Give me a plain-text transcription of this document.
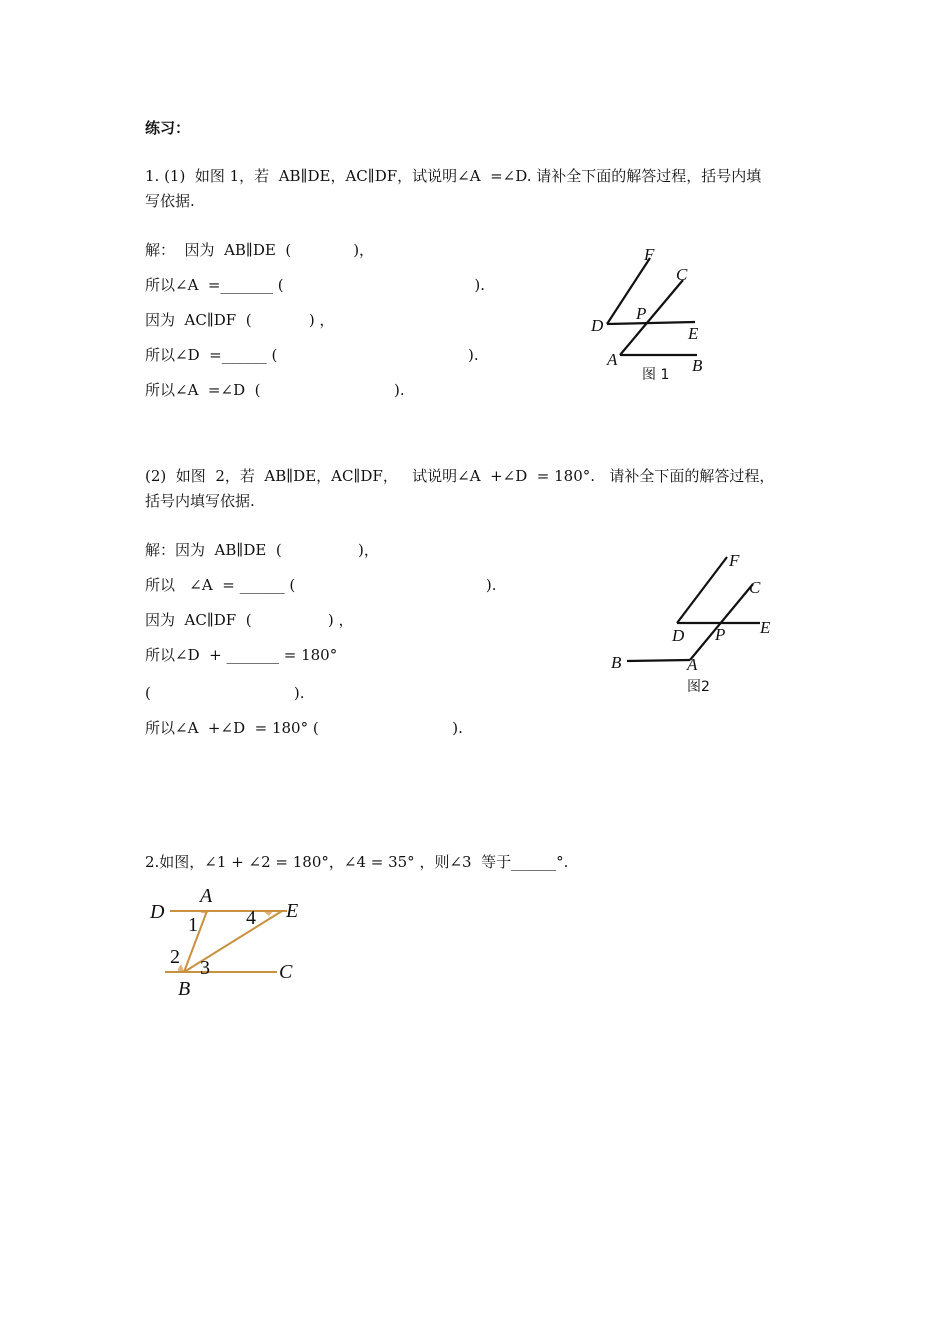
练习：
1. (1)  如图 1，若  AB∥DE，AC∥DF，试说明∠A  =∠D. 请补全下面的解答过程，括号内填
写依据.
解：  因为  AB∥DE  (             )，
所以∠A  =_______ (                                        ).
因为  AC∥DF  (            ) ，
所以∠D  =______ (                                        ).
所以∠A  =∠D  (                            ).
F
C
P
D	E
A	B
图 1
(2)  如图  2，若  AB∥DE，AC∥DF，   试说明∠A  +∠D  = 180°.   请补全下面的解答过程，
括号内填写依据.
解：因为  AB∥DE  (                )，
所以   ∠A  = ______ (                                        ).
因为  AC∥DF  (                ) ，
所以∠D  + _______ = 180°
(                              ).
所以∠A  +∠D  = 180° (                            ).
F
C
D P E
B	A
图2
2.如图，∠1 + ∠2 = 180°，∠4 = 35° ，则∠3  等于______°.
D
A
E
1 4
2 3
B
C
